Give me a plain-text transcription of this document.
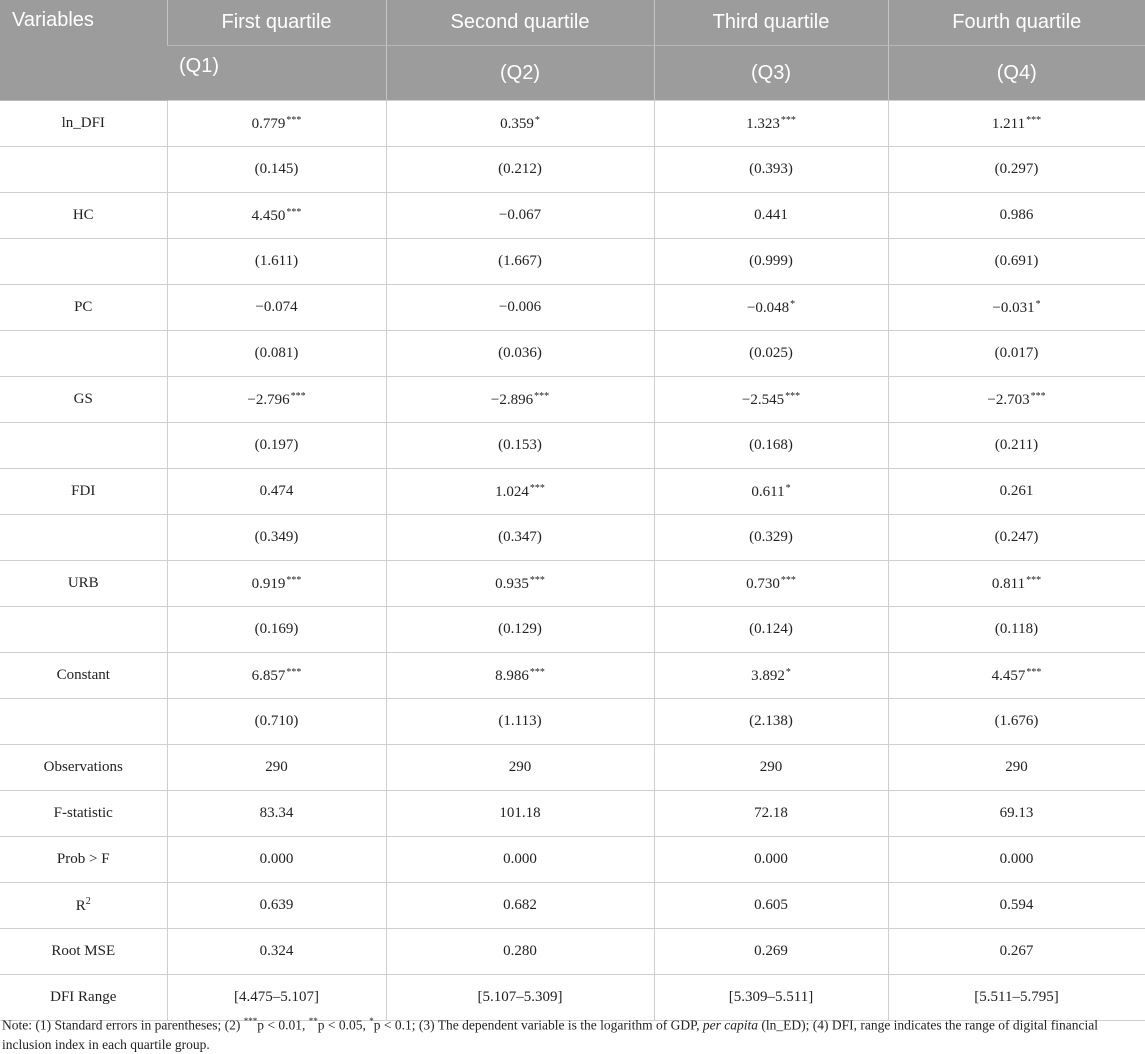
Variables	First quartile	Second quartile	Third quartile	Fourth quartile
	(Q1)	(Q2)	(Q3)	(Q4)
ln_DFI	0.779***	0.359*	1.323***	1.211***
	(0.145)	(0.212)	(0.393)	(0.297)
HC	4.450***	−0.067	0.441	0.986
	(1.611)	(1.667)	(0.999)	(0.691)
PC	−0.074	−0.006	−0.048*	−0.031*
	(0.081)	(0.036)	(0.025)	(0.017)
GS	−2.796***	−2.896***	−2.545***	−2.703***
	(0.197)	(0.153)	(0.168)	(0.211)
FDI	0.474	1.024***	0.611*	0.261
	(0.349)	(0.347)	(0.329)	(0.247)
URB	0.919***	0.935***	0.730***	0.811***
	(0.169)	(0.129)	(0.124)	(0.118)
Constant	6.857***	8.986***	3.892*	4.457***
	(0.710)	(1.113)	(2.138)	(1.676)
Observations	290	290	290	290
F-statistic	83.34	101.18	72.18	69.13
Prob > F	0.000	0.000	0.000	0.000
$R^2$	0.639	0.682	0.605	0.594
Root MSE	0.324	0.280	0.269	0.267
DFI Range	[4.475–5.107]	[5.107–5.309]	[5.309–5.511]	[5.511–5.795]
Note: (1) Standard errors in parentheses; (2) ***p < 0.01, **p < 0.05, *p < 0.1; (3) The dependent variable is the logarithm of GDP, per capita (ln_ED); (4) DFI, range indicates the range of digital financial inclusion index in each quartile group.
